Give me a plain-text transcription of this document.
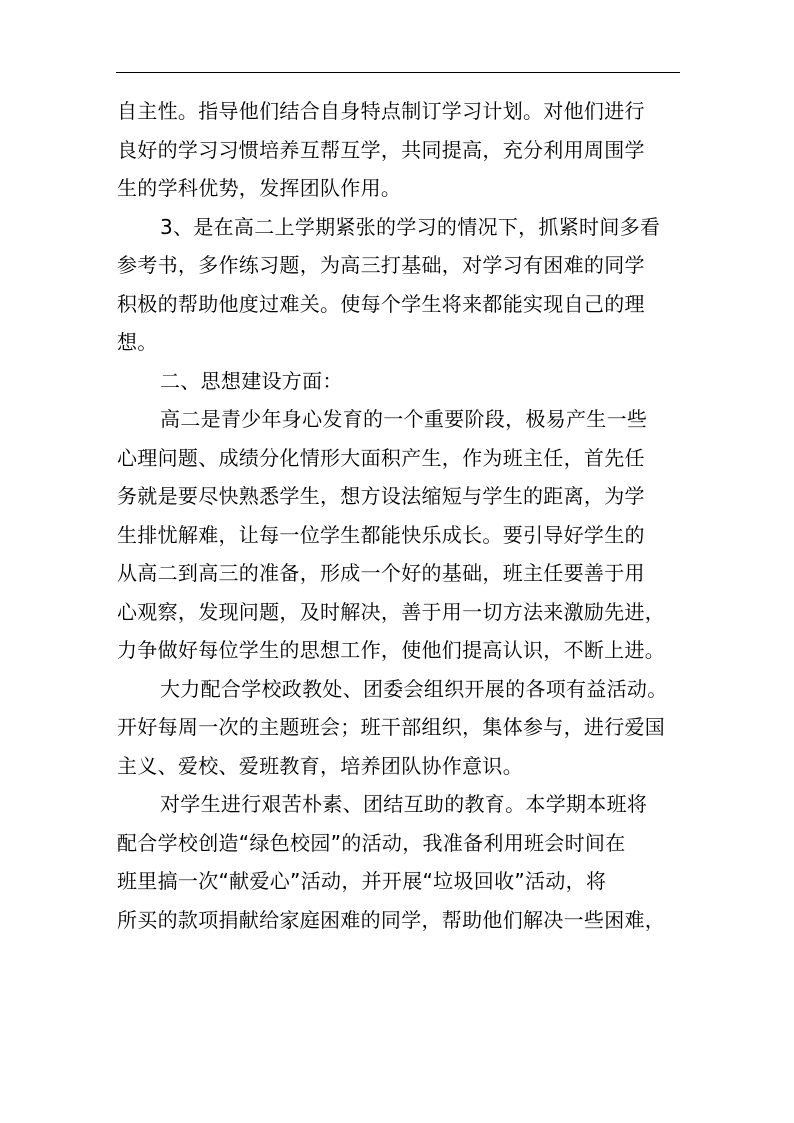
自主性。指导他们结合自身特点制订学习计划。对他们进行
良好的学习习惯培养互帮互学，共同提高，充分利用周围学
生的学科优势，发挥团队作用。
3、是在高二上学期紧张的学习的情况下，抓紧时间多看
参考书，多作练习题，为高三打基础，对学习有困难的同学
积极的帮助他度过难关。使每个学生将来都能实现自己的理
想。
二、思想建设方面：
高二是青少年身心发育的一个重要阶段，极易产生一些
心理问题、成绩分化情形大面积产生，作为班主任，首先任
务就是要尽快熟悉学生，想方设法缩短与学生的距离，为学
生排忧解难，让每一位学生都能快乐成长。要引导好学生的
从高二到高三的准备，形成一个好的基础，班主任要善于用
心观察，发现问题，及时解决，善于用一切方法来激励先进，
力争做好每位学生的思想工作，使他们提高认识，不断上进。
大力配合学校政教处、团委会组织开展的各项有益活动。
开好每周一次的主题班会；班干部组织，集体参与，进行爱国
主义、爱校、爱班教育，培养团队协作意识。
对学生进行艰苦朴素、团结互助的教育。本学期本班将
配合学校创造“绿色校园”的活动，我准备利用班会时间在
班里搞一次“献爱心”活动，并开展“垃圾回收”活动，将
所买的款项捐献给家庭困难的同学，帮助他们解决一些困难，
